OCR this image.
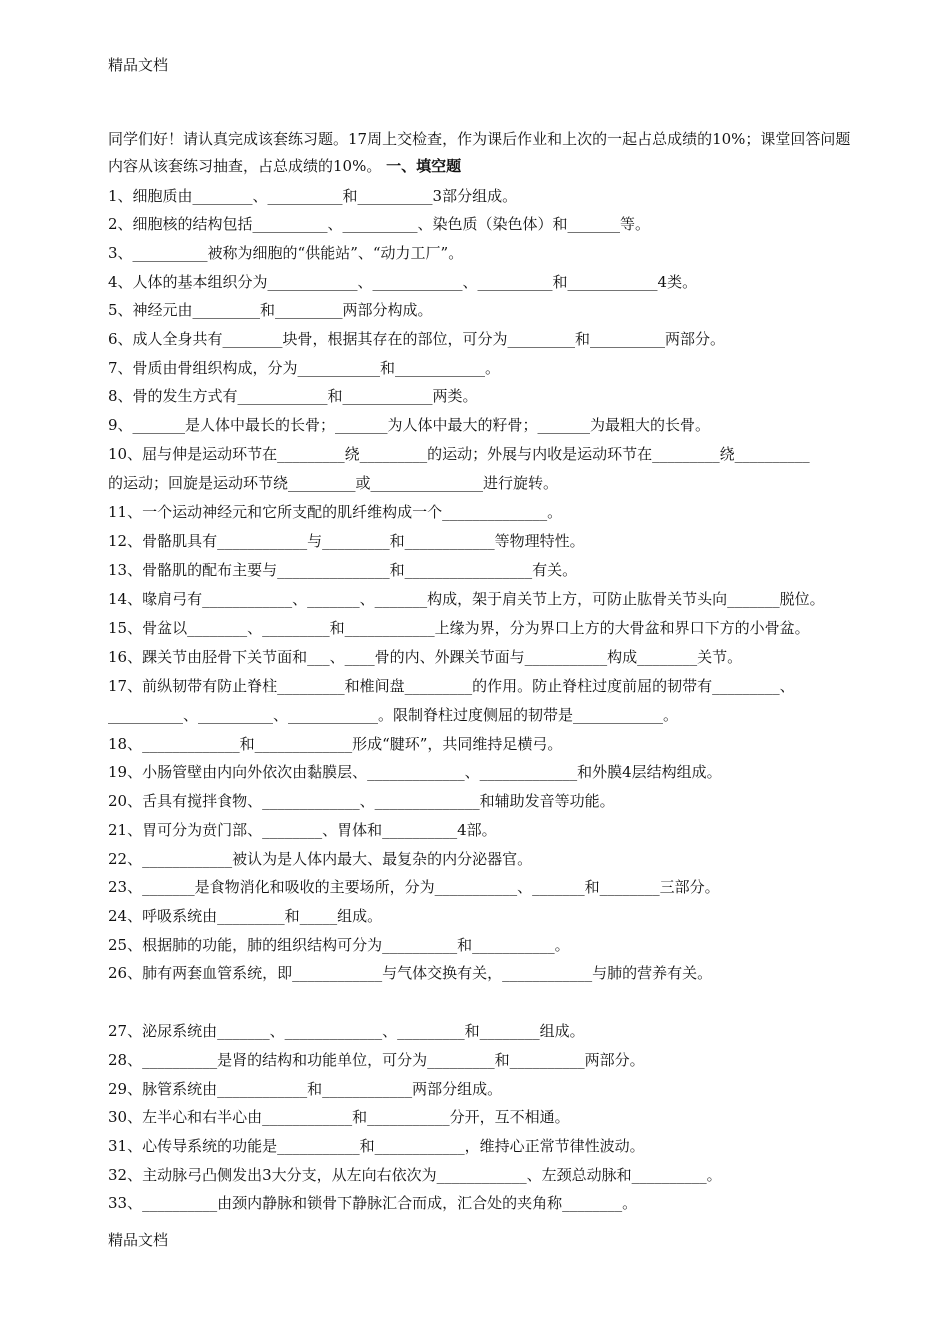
精品文档
同学们好！请认真完成该套练习题。17周上交检查，作为课后作业和上次的一起占总成绩的10%；课堂回答问题内容从该套练习抽查，占总成绩的10%。 一、填空题
1、细胞质由________、__________和__________3部分组成。
2、细胞核的结构包括__________、__________、染色质（染色体）和_______等。
3、__________被称为细胞的“供能站”、“动力工厂”。
4、人体的基本组织分为____________、____________、__________和____________4类。
5、神经元由_________和_________两部分构成。
6、成人全身共有________块骨，根据其存在的部位，可分为_________和__________两部分。
7、骨质由骨组织构成，分为___________和____________。
8、骨的发生方式有____________和____________两类。
9、_______是人体中最长的长骨；_______为人体中最大的籽骨；_______为最粗大的长骨。
10、屈与伸是运动环节在_________绕_________的运动；外展与内收是运动环节在_________绕__________
的运动；回旋是运动环节绕_________或_______________进行旋转。
11、一个运动神经元和它所支配的肌纤维构成一个______________。
12、骨骼肌具有____________与_________和____________等物理特性。
13、骨骼肌的配布主要与_______________和_________________有关。
14、喙肩弓有____________、_______、_______构成，架于肩关节上方，可防止肱骨关节头向_______脱位。
15、骨盆以________、_________和____________上缘为界，分为界口上方的大骨盆和界口下方的小骨盆。
16、踝关节由胫骨下关节面和___、____骨的内、外踝关节面与___________构成________关节。
17、前纵韧带有防止脊柱_________和椎间盘_________的作用。防止脊柱过度前屈的韧带有_________、
__________、__________、____________。限制脊柱过度侧屈的韧带是____________。
18、_____________和_____________形成“腱环”，共同维持足横弓。
19、小肠管壁由内向外依次由黏膜层、_____________、_____________和外膜4层结构组成。
20、舌具有搅拌食物、_____________、______________和辅助发音等功能。
21、胃可分为贲门部、________、胃体和__________4部。
22、____________被认为是人体内最大、最复杂的内分泌器官。
23、_______是食物消化和吸收的主要场所，分为___________、_______和________三部分。
24、呼吸系统由_________和_____组成。
25、根据肺的功能，肺的组织结构可分为__________和___________。
26、肺有两套血管系统，即____________与气体交换有关，____________与肺的营养有关。
27、泌尿系统由_______、_____________、_________和________组成。
28、__________是肾的结构和功能单位，可分为_________和__________两部分。
29、脉管系统由____________和____________两部分组成。
30、左半心和右半心由____________和___________分开，互不相通。
31、心传导系统的功能是___________和____________，维持心正常节律性波动。
32、主动脉弓凸侧发出3大分支，从左向右依次为____________、左颈总动脉和__________。
33、__________由颈内静脉和锁骨下静脉汇合而成，汇合处的夹角称________。
精品文档
